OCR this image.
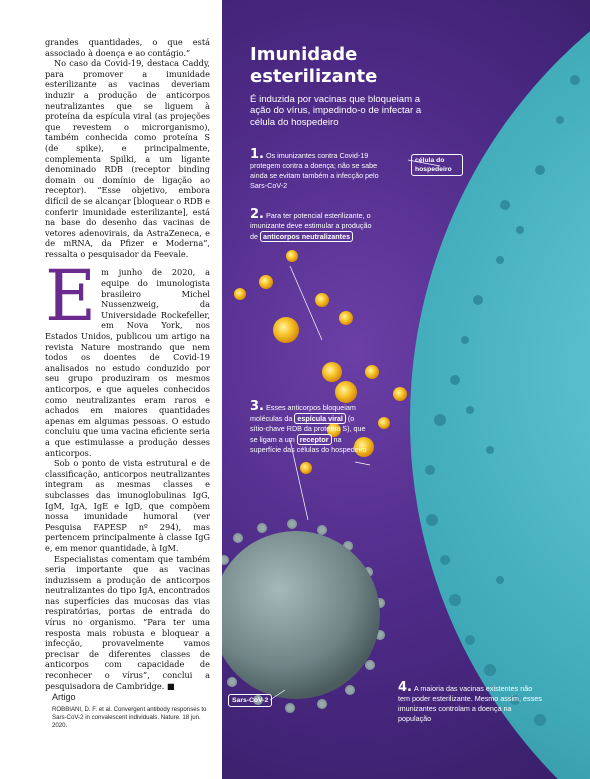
grandes quantidades, o que está associado à doença e ao contágio.”

No caso da Covid-19, destaca Caddy, para promover a imunidade esterilizante as vacinas deveriam induzir a produção de anticorpos neutralizantes que se liguem à proteína da espícula viral (as projeções que revestem o microrganismo), também conhecida como proteína S (de spike), e principalmente, complementa Spilki, a um ligante denominado RDB (receptor binding domain ou domínio de ligação ao receptor). “Esse objetivo, embora difícil de se alcançar [bloquear o RDB e conferir imunidade esterilizante], está na base do desenho das vacinas de vetores adenovirais, da AstraZeneca, e de mRNA, da Pfizer e Moderna”, ressalta o pesquisador da Feevale.

Em junho de 2020, a equipe do imunologista brasileiro Michel Nussenzweig, da Universidade Rockefeller, em Nova York, nos Estados Unidos, publicou um artigo na revista Nature mostrando que nem todos os doentes de Covid-19 analisados no estudo conduzido por seu grupo produziram os mesmos anticorpos, e que aqueles conhecidos como neutralizantes eram raros e achados em maiores quantidades apenas em algumas pessoas. O estudo concluiu que uma vacina eficiente seria a que estimulasse a produção desses anticorpos.

Sob o ponto de vista estrutural e de classificação, anticorpos neutralizantes integram as mesmas classes e subclasses das imunoglobulinas IgG, IgM, IgA, IgE e IgD, que compõem nossa imunidade humoral (ver Pesquisa FAPESP nº 294), mas pertencem principalmente à classe IgG e, em menor quantidade, à IgM.

Especialistas comentam que também seria importante que as vacinas induzissem a produção de anticorpos neutralizantes do tipo IgA, encontrados nas superfícies das mucosas das vias respiratórias, portas de entrada do vírus no organismo. “Para ter uma resposta mais robusta e bloquear a infecção, provavelmente vamos precisar de diferentes classes de anticorpos com capacidade de reconhecer o vírus”, conclui a pesquisadora de Cambridge. ■

Artigo
ROBBIANI, D. F. et al. Convergent antibody responses to Sars-CoV-2 in convalescent individuals. Nature. 18 jun. 2020.
Imunidade
esterilizante
É induzida por vacinas que bloqueiam a ação do vírus, impedindo-o de infectar a célula do hospedeiro
1. Os imunizantes contra Covid-19 protegem contra a doença; não se sabe ainda se evitam também a infecção pelo Sars-CoV-2
2. Para ter potencial esterilizante, o imunizante deve estimular a produção de anticorpos neutralizantes
3. Esses anticorpos bloqueiam moléculas da espícula viral (o sítio-chave RDB da proteína S), que se ligam a um receptor na superfície das células do hospedeiro
4. A maioria das vacinas existentes não tem poder esterilizante. Mesmo assim, esses imunizantes controlam a doença na população
célula do hospedeiro
Sars-CoV-2
